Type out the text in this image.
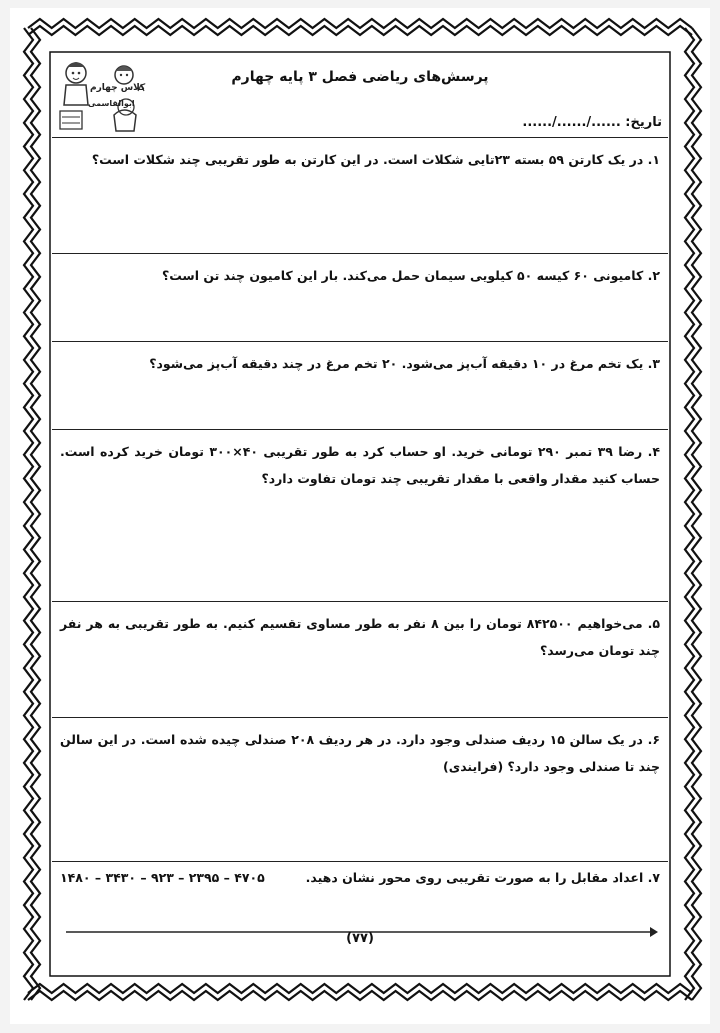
پرسش‌های ریاضی فصل ۳ پایه چهارم
تاریخ: ....../....../......
کلاس چهارم
ابوالقاسمی
۱. در یک کارتن ۵۹ بسته ۲۳تایی شکلات است. در این کارتن به طور تقریبی چند شکلات است؟
۲. کامیونی ۶۰ کیسه ۵۰ کیلویی سیمان حمل می‌کند. بار این کامیون چند تن است؟
۳. یک تخم مرغ در ۱۰ دقیقه آب‌پز می‌شود. ۲۰ تخم مرغ در چند دقیقه آب‌پز می‌شود؟
۴. رضا ۳۹ تمبر ۲۹۰ تومانی خرید. او حساب کرد به طور تقریبی ۴۰×۳۰۰ تومان خرید کرده است. حساب کنید مقدار واقعی با مقدار تقریبی چند تومان تفاوت دارد؟
۵. می‌خواهیم ۸۴۲۵۰۰ تومان را بین ۸ نفر به طور مساوی تقسیم کنیم. به طور تقریبی به هر نفر چند تومان می‌رسد؟
۶. در یک سالن ۱۵ ردیف صندلی وجود دارد. در هر ردیف ۲۰۸ صندلی چیده شده است. در این سالن چند تا صندلی وجود دارد؟ (فرایندی)
۷. اعداد مقابل را به صورت تقریبی روی محور نشان دهید.
۱۴۸۰ – ۳۴۳۰ – ۹۲۳ – ۲۳۹۵ – ۴۷۰۵
(۷۷)
